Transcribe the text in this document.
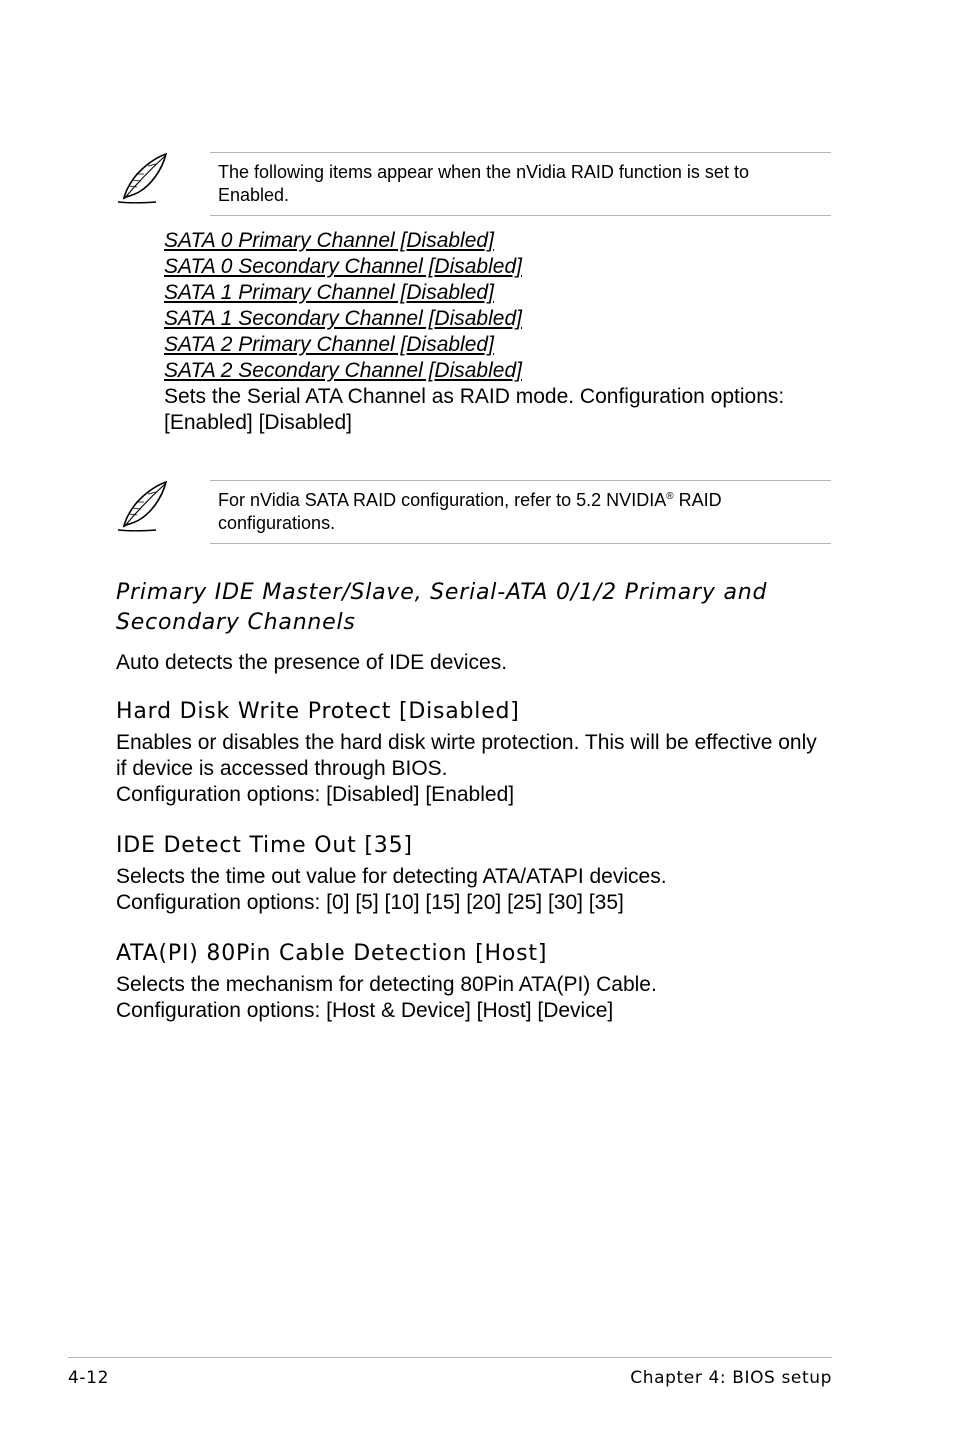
The following items appear when the nVidia RAID function is set to Enabled.
SATA 0 Primary Channel [Disabled]
SATA 0 Secondary Channel [Disabled]
SATA 1 Primary Channel [Disabled]
SATA 1 Secondary Channel [Disabled]
SATA 2 Primary Channel [Disabled]
SATA 2 Secondary Channel [Disabled]

Sets the Serial ATA Channel as RAID mode. Configuration options: [Enabled] [Disabled]

For nVidia SATA RAID configuration, refer to 5.2 NVIDIA® RAID configurations.
Primary IDE Master/Slave, Serial-ATA 0/1/2 Primary and Secondary Channels

Auto detects the presence of IDE devices.

Hard Disk Write Protect [Disabled]

Enables or disables the hard disk wirte protection. This will be effective only if device is accessed through BIOS.

Configuration options: [Disabled] [Enabled]

IDE Detect Time Out [35]

Selects the time out value for detecting ATA/ATAPI devices.

Configuration options: [0] [5] [10] [15] [20] [25] [30] [35]

ATA(PI) 80Pin Cable Detection [Host]

Selects the mechanism for detecting 80Pin ATA(PI) Cable.

Configuration options: [Host & Device] [Host] [Device]

4-12	Chapter 4: BIOS setup
